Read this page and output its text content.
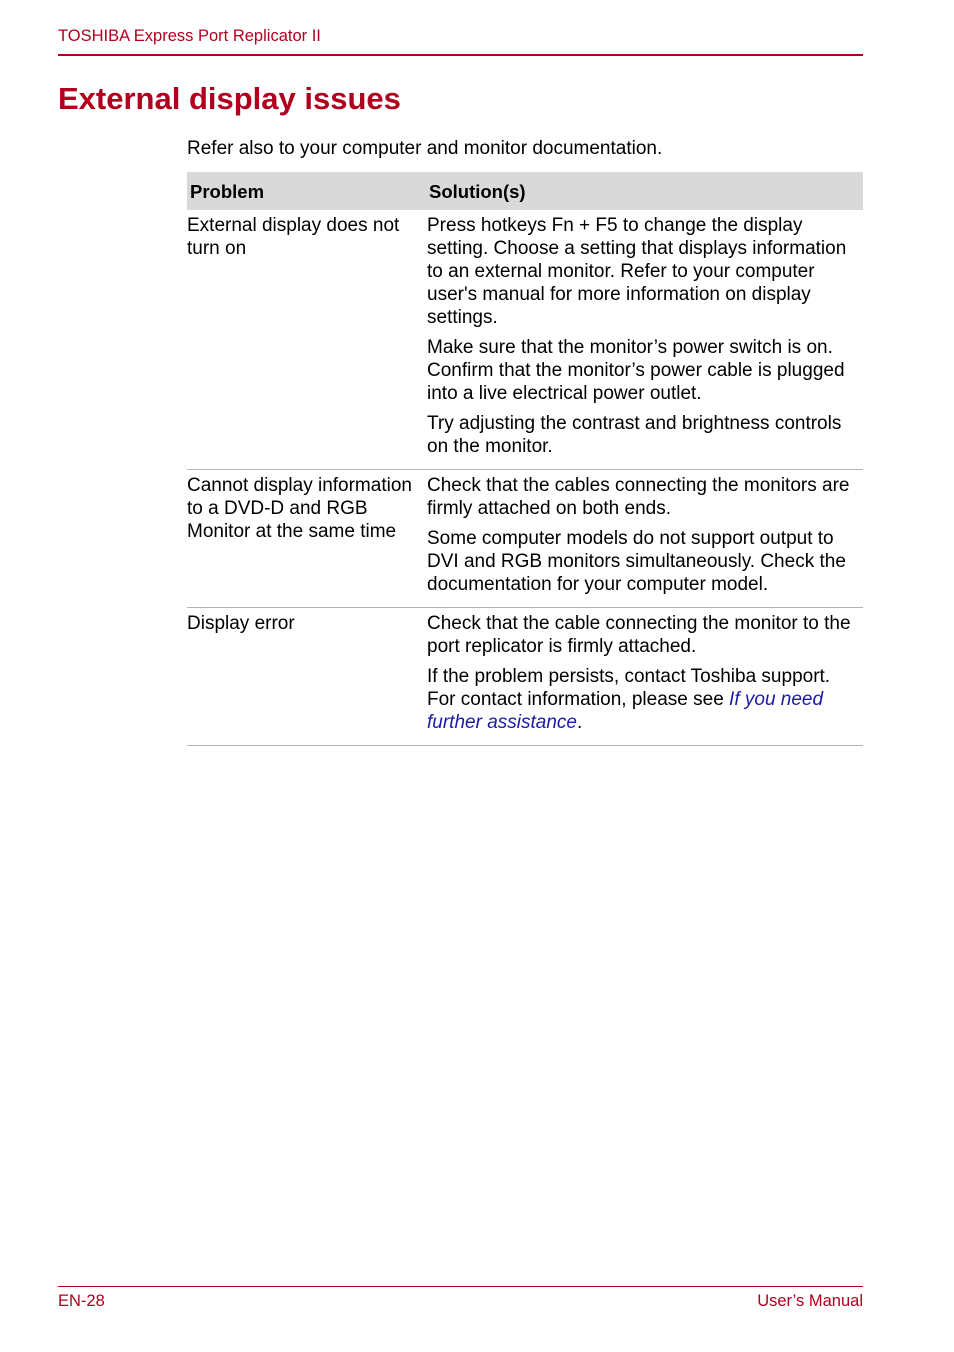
TOSHIBA Express Port Replicator II
External display issues

Refer also to your computer and monitor documentation.

Problem Solution(s)	

External display does not turn on	Press hotkeys Fn + F5 to change the display setting. Choose a setting that displays information to an external monitor. Refer to your computer user's manual for more information on display settings.

Make sure that the monitor’s power switch is on. Confirm that the monitor’s power cable is plugged into a live electrical power outlet.

Try adjusting the contrast and brightness controls on the monitor.

Cannot display information to a DVD-D and RGB Monitor at the same time	Check that the cables connecting the monitors are firmly attached on both ends.

Some computer models do not support output to DVI and RGB monitors simultaneously. Check the documentation for your computer model.

Display error	Check that the cable connecting the monitor to the port replicator is firmly attached.

If the problem persists, contact Toshiba support. For contact information, please see If you need further assistance.

EN-28	User’s Manual
